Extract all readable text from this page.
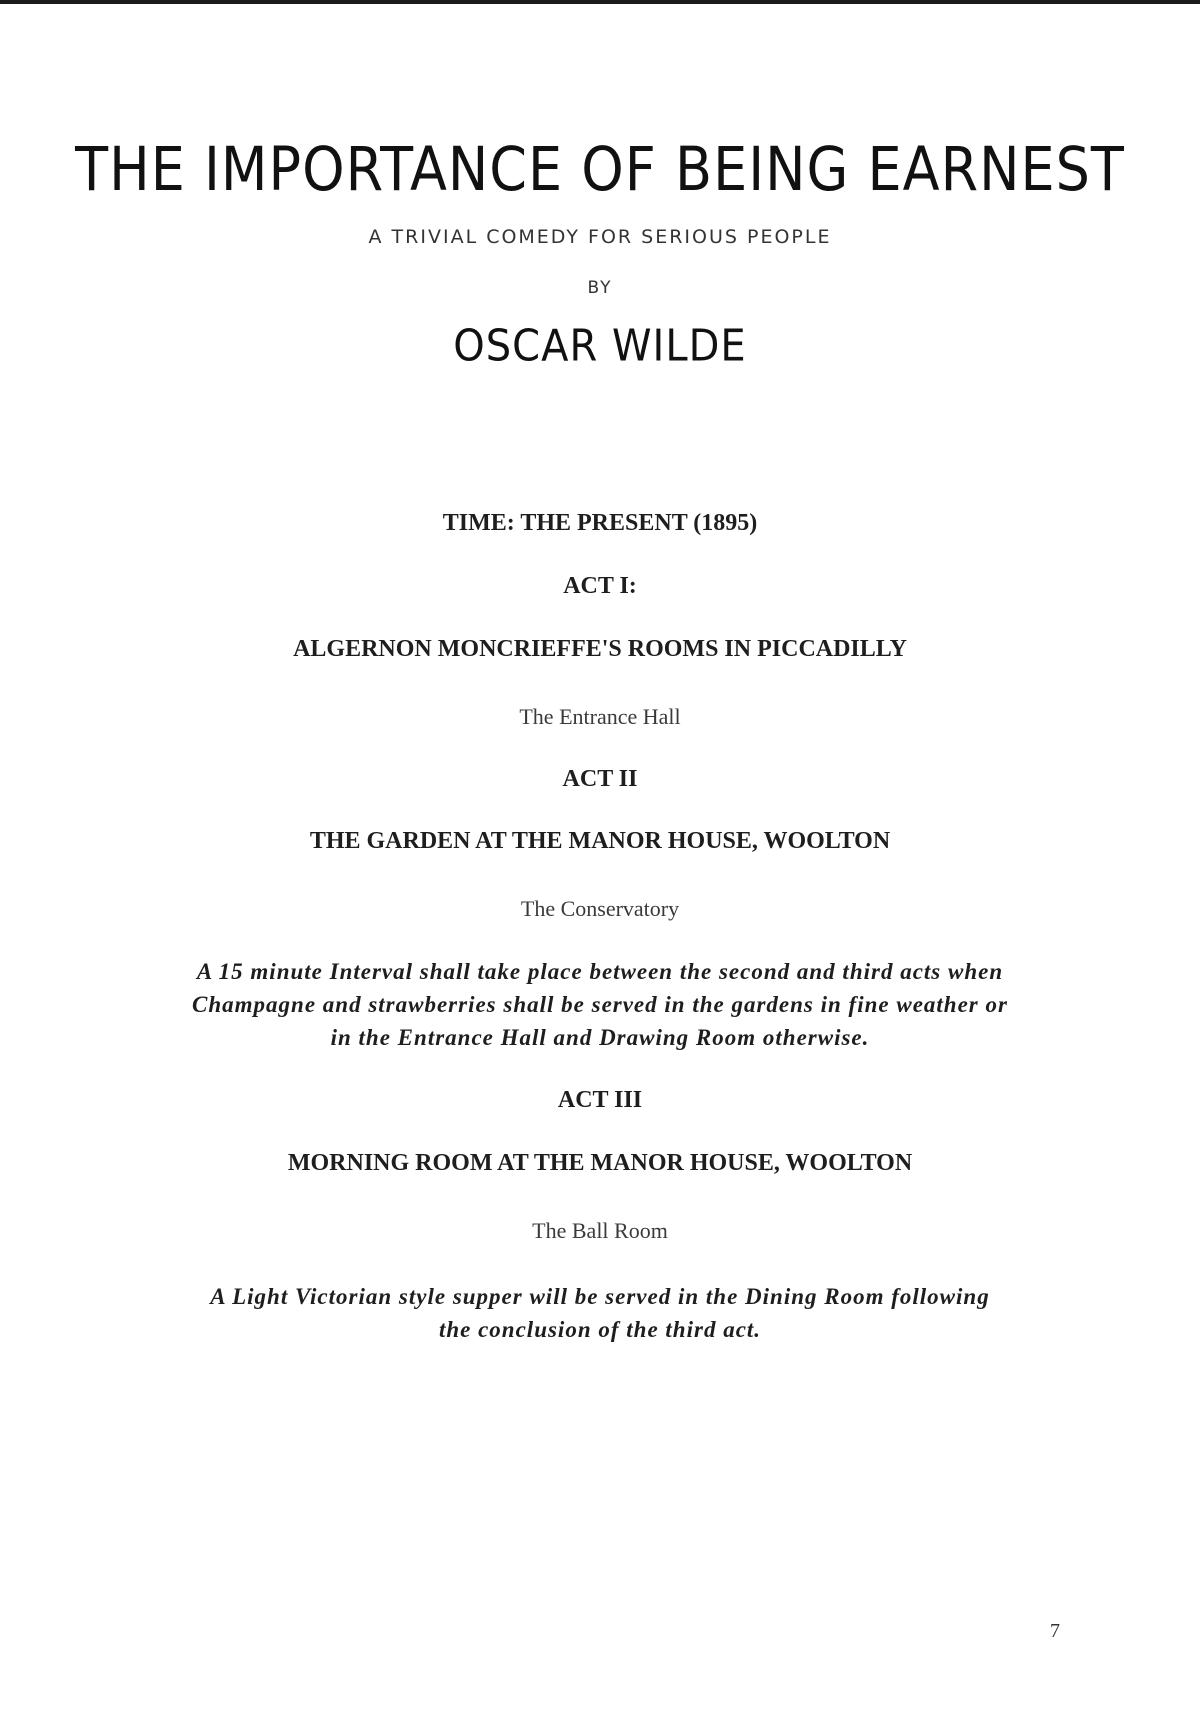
THE IMPORTANCE OF BEING EARNEST
A TRIVIAL COMEDY FOR SERIOUS PEOPLE
BY
OSCAR WILDE
TIME: THE PRESENT (1895)
ACT I:
ALGERNON MONCRIEFFE'S ROOMS IN PICCADILLY
The Entrance Hall
ACT II
THE GARDEN AT THE MANOR HOUSE, WOOLTON
The Conservatory
A 15 minute Interval shall take place between the second and third acts when
Champagne and strawberries shall be served in the gardens in fine weather or
in the Entrance Hall and Drawing Room otherwise.
ACT III
MORNING ROOM AT THE MANOR HOUSE, WOOLTON
The Ball Room
A Light Victorian style supper will be served in the Dining Room following
the conclusion of the third act.
7
